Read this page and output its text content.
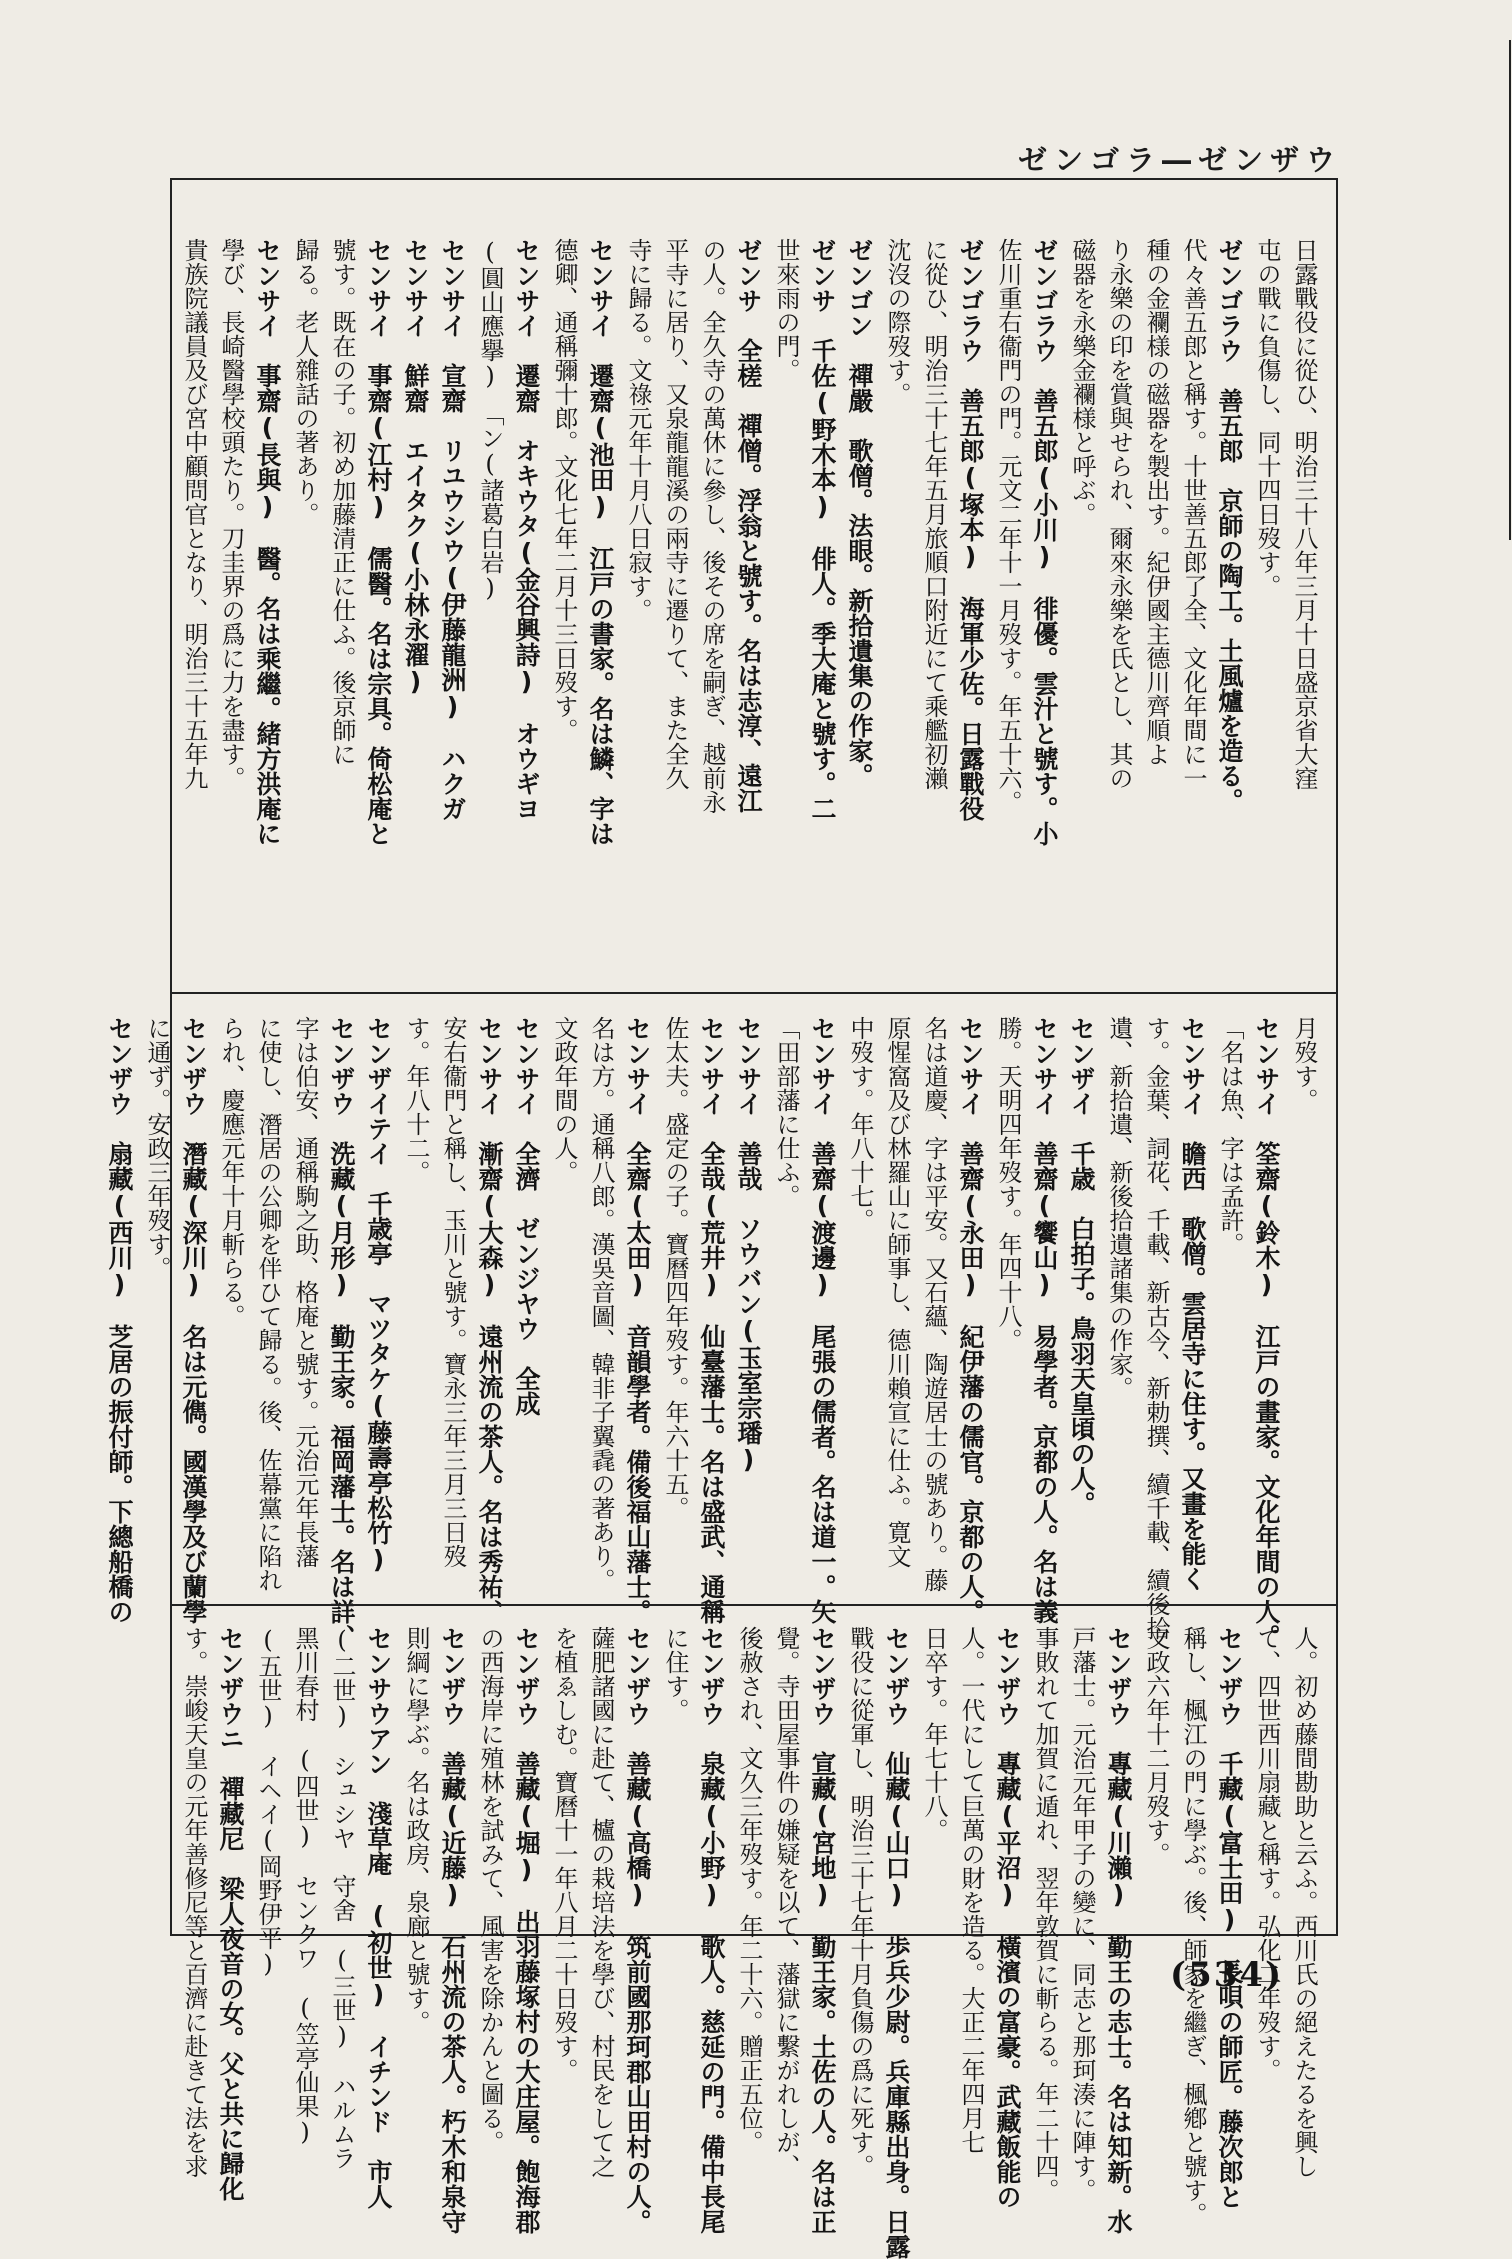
ゼンゴラ―ゼンザウ
日露戰役に從ひ、明治三十八年三月十日盛京省大窪
屯の戰に負傷し、同十四日歿す。
ゼンゴラウ　善五郎　京師の陶工。土風爐を造る。
代々善五郎と稱す。十世善五郎了全、文化年間に一
種の金襴様の磁器を製出す。紀伊國主德川齊順よ
り永樂の印を賞與せられ、爾來永樂を氏とし、其の
磁器を永樂金襴様と呼ぶ。
ゼンゴラウ　善五郎(小川)　徘優。雲汁と號す。小
佐川重右衞門の門。元文二年十一月歿す。年五十六。
ゼンゴラウ　善五郎(塚本)　海軍少佐。日露戰役
に從ひ、明治三十七年五月旅順口附近にて乘艦初瀨
沈沒の際歿す。
ゼンゴン　禪嚴　歌僧。法眼。新拾遺集の作家。
ゼンサ　千佐(野木本)　俳人。季大庵と號す。二
世來雨の門。
ゼンサ　全槎　禪僧。浮翁と號す。名は志淳、遠江
の人。全久寺の萬休に參し、後その席を嗣ぎ、越前永
平寺に居り、又泉龍龍溪の兩寺に遷りて、また全久
寺に歸る。文祿元年十月八日寂す。
センサイ　遷齋(池田)　江戸の書家。名は鱗、字は
德卿、通稱彌十郎。文化七年二月十三日歿す。
センサイ　遷齋　オキウタ(金谷興詩)　オウギヨ
(圓山應擧)　「ン(諸葛白岩)
センサイ　宣齋　リユウシウ(伊藤龍洲)　ハクガ
センサイ　鮮齋　エイタク(小林永濯)
センサイ　事齋(江村)　儒醫。名は宗具。倚松庵と
號す。既在の子。初め加藤清正に仕ふ。後京師に
歸る。老人雜話の著あり。
センサイ　事齋(長與)　醫。名は乘繼。緒方洪庵に
學び、長崎醫學校頭たり。刀圭界の爲に力を盡す。
貴族院議員及び宮中顧問官となり、明治三十五年九
月歿す。
センサイ　筌齋(鈴木)　江戸の畫家。文化年間の人。
「名は魚、字は孟許。
センサイ　瞻西　歌僧。雲居寺に住す。又畫を能く
す。金葉、詞花、千載、新古今、新勅撰、續千載、續後拾
遺、新拾遺、新後拾遺諸集の作家。
センザイ　千歳　白拍子。鳥羽天皇頃の人。
センサイ　善齋(饗山)　易學者。京都の人。名は義
勝。天明四年歿す。年四十八。
センサイ　善齋(永田)　紀伊藩の儒官。京都の人。
名は道慶、字は平安。又石蘊、陶遊居士の號あり。藤
原惺窩及び林羅山に師事し、德川賴宣に仕ふ。寛文
中歿す。年八十七。
センサイ　善齋(渡邊)　尾張の儒者。名は道一。矢
「田部藩に仕ふ。
センサイ　善哉　ソウバン(玉室宗璠)
センサイ　全哉(荒井)　仙臺藩士。名は盛武、通稱
佐太夫。盛定の子。寶曆四年歿す。年六十五。
センサイ　全齋(太田)　音韻學者。備後福山藩士。
名は方。通稱八郎。漢吳音圖、韓非子翼毳の著あり。
文政年間の人。
センサイ　全濟　ゼンジヤウ　全成
センサイ　漸齋(大森)　遠州流の茶人。名は秀祐、
安右衞門と稱し、玉川と號す。寶永三年三月三日歿
す。年八十二。
センザイテイ　千歳亭　マツタケ(藤壽亭松竹)
センザウ　洗藏(月形)　勤王家。福岡藩士。名は詳、
字は伯安、通稱駒之助、格庵と號す。元治元年長藩
に使し、潛居の公卿を伴ひて歸る。後、佐幕黨に陷れ
られ、慶應元年十月斬らる。
センザウ　潛藏(深川)　名は元儁。國漢學及び蘭學
に通ず。安政三年歿す。
センザウ　扇藏(西川)　芝居の振付師。下總船橋の
人。初め藤間勘助と云ふ。西川氏の絕えたるを興し
て、四世西川扇藏と稱す。弘化二年歿す。
センザウ　千藏(富士田)　長唄の師匠。藤次郎と
稱し、楓江の門に學ぶ。後、師家を繼ぎ、楓鄕と號す。
文政六年十二月歿す。
センザウ　專藏(川瀨)　勤王の志士。名は知新。水
戸藩士。元治元年甲子の變に、同志と那珂湊に陣す。
事敗れて加賀に遁れ、翌年敦賀に斬らる。年二十四。
センザウ　專藏(平沼)　橫濱の富豪。武藏飯能の
人。一代にして巨萬の財を造る。大正二年四月七
日卒す。年七十八。
センザウ　仙藏(山口)　歩兵少尉。兵庫縣出身。日露
戰役に從軍し、明治三十七年十月負傷の爲に死す。
センザウ　宣藏(宮地)　勤王家。土佐の人。名は正
覺。寺田屋事件の嫌疑を以て、藩獄に繫がれしが、
後赦され、文久三年歿す。年二十六。贈正五位。
センザウ　泉藏(小野)　歌人。慈延の門。備中長尾
に住す。
センザウ　善藏(高橋)　筑前國那珂郡山田村の人。
薩肥諸國に赴て、櫨の栽培法を學び、村民をして之
を植ゑしむ。寶曆十一年八月二十日歿す。
センザウ　善藏(堀)　出羽藤塚村の大庄屋。飽海郡
の西海岸に殖林を試みて、風害を除かんと圖る。
センザウ　善藏(近藤)　石州流の茶人。朽木和泉守
則綱に學ぶ。名は政房、泉廊と號す。
センサウアン　淺草庵　(初世)　イチンド　市人
(二世)　シュシヤ　守舍　(三世)　ハルムラ
黑川春村　(四世)　センクワ　(笠亭仙果)
(五世)　イヘイ(岡野伊平)
センザウニ　禪藏尼　梁人夜音の女。父と共に歸化
す。崇峻天皇の元年善修尼等と百濟に赴きて法を求	(534)
